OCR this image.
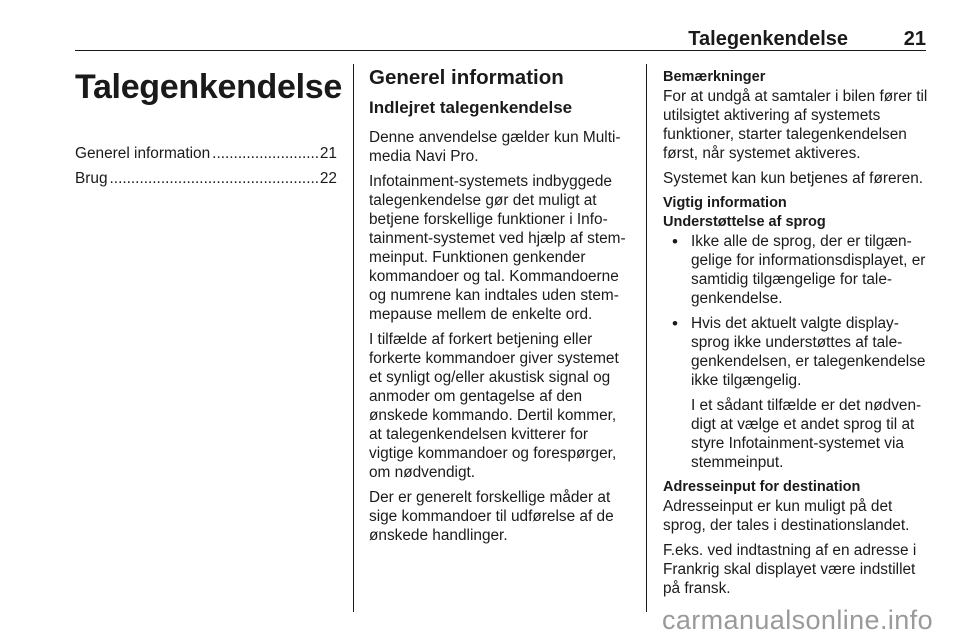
Talegenkendelse	21
Talegenkendelse
Generel information .....	21
Brug .....	22
Generel information
Indlejret talegenkendelse

Denne anvendelse gælder kun Multimedia Navi Pro.

Infotainment-systemets indbyggede talegenkendelse gør det muligt at betjene forskellige funktioner i Infotainment-systemet ved hjælp af stemmeinput. Funktionen genkender kommandoer og tal. Kommandoerne og numrene kan indtales uden stemmepause mellem de enkelte ord.

I tilfælde af forkert betjening eller forkerte kommandoer giver systemet et synligt og/eller akustisk signal og anmoder om gentagelse af den ønskede kommando. Dertil kommer, at talegenkendelsen kvitterer for vigtige kommandoer og forespørger, om nødvendigt.

Der er generelt forskellige måder at sige kommandoer til udførelse af de ønskede handlinger.

Bemærkninger

For at undgå at samtaler i bilen fører til utilsigtet aktivering af systemets funktioner, starter talegenkendelsen først, når systemet aktiveres.

Systemet kan kun betjenes af føreren.

Vigtig information
Understøttelse af sprog
• Ikke alle de sprog, der er tilgængelige for informationsdisplayet, er samtidig tilgængelige for talegenkendelse.
• Hvis det aktuelt valgte displaysprog ikke understøttes af talegenkendelsen, er talegenkendelse ikke tilgængelig.
I et sådant tilfælde er det nødvendigt at vælge et andet sprog til at styre Infotainment-systemet via stemmeinput.
Adresseinput for destination

Adresseinput er kun muligt på det sprog, der tales i destinationslandet.

F.eks. ved indtastning af en adresse i Frankrig skal displayet være indstillet på fransk.

carmanualsonline.info
